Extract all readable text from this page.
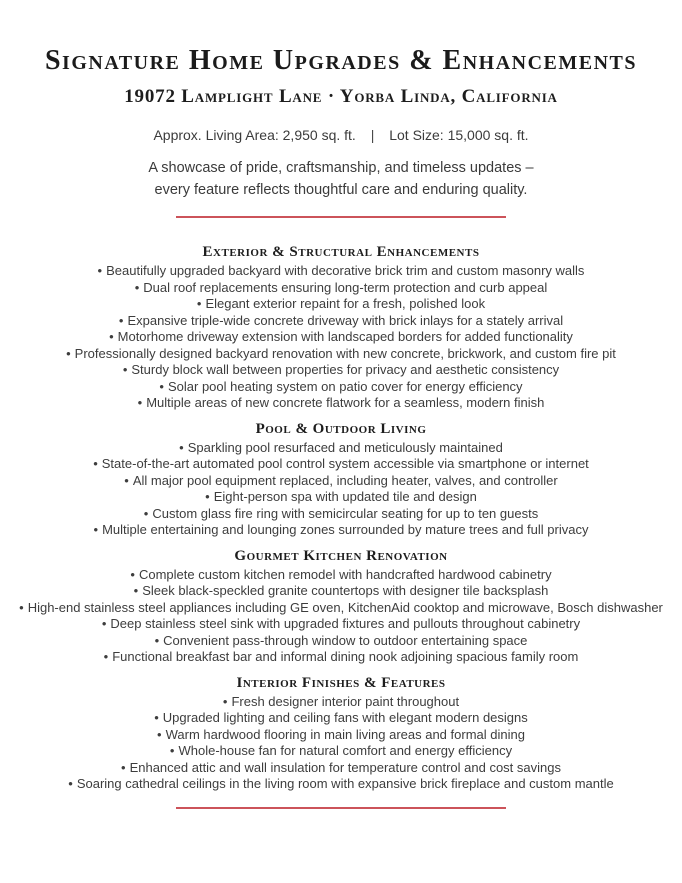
Signature Home Upgrades & Enhancements
19072 Lamplight Lane · Yorba Linda, California
Approx. Living Area: 2,950 sq. ft. | Lot Size: 15,000 sq. ft.
A showcase of pride, craftsmanship, and timeless updates –
every feature reflects thoughtful care and enduring quality.
Exterior & Structural Enhancements
• Beautifully upgraded backyard with decorative brick trim and custom masonry walls
• Dual roof replacements ensuring long-term protection and curb appeal
• Elegant exterior repaint for a fresh, polished look
• Expansive triple-wide concrete driveway with brick inlays for a stately arrival
• Motorhome driveway extension with landscaped borders for added functionality
• Professionally designed backyard renovation with new concrete, brickwork, and custom fire pit
• Sturdy block wall between properties for privacy and aesthetic consistency
• Solar pool heating system on patio cover for energy efficiency
• Multiple areas of new concrete flatwork for a seamless, modern finish
Pool & Outdoor Living
• Sparkling pool resurfaced and meticulously maintained
• State-of-the-art automated pool control system accessible via smartphone or internet
• All major pool equipment replaced, including heater, valves, and controller
• Eight-person spa with updated tile and design
• Custom glass fire ring with semicircular seating for up to ten guests
• Multiple entertaining and lounging zones surrounded by mature trees and full privacy
Gourmet Kitchen Renovation
• Complete custom kitchen remodel with handcrafted hardwood cabinetry
• Sleek black-speckled granite countertops with designer tile backsplash
• High-end stainless steel appliances including GE oven, KitchenAid cooktop and microwave, Bosch dishwasher
• Deep stainless steel sink with upgraded fixtures and pullouts throughout cabinetry
• Convenient pass-through window to outdoor entertaining space
• Functional breakfast bar and informal dining nook adjoining spacious family room
Interior Finishes & Features
• Fresh designer interior paint throughout
• Upgraded lighting and ceiling fans with elegant modern designs
• Warm hardwood flooring in main living areas and formal dining
• Whole-house fan for natural comfort and energy efficiency
• Enhanced attic and wall insulation for temperature control and cost savings
• Soaring cathedral ceilings in the living room with expansive brick fireplace and custom mantle
